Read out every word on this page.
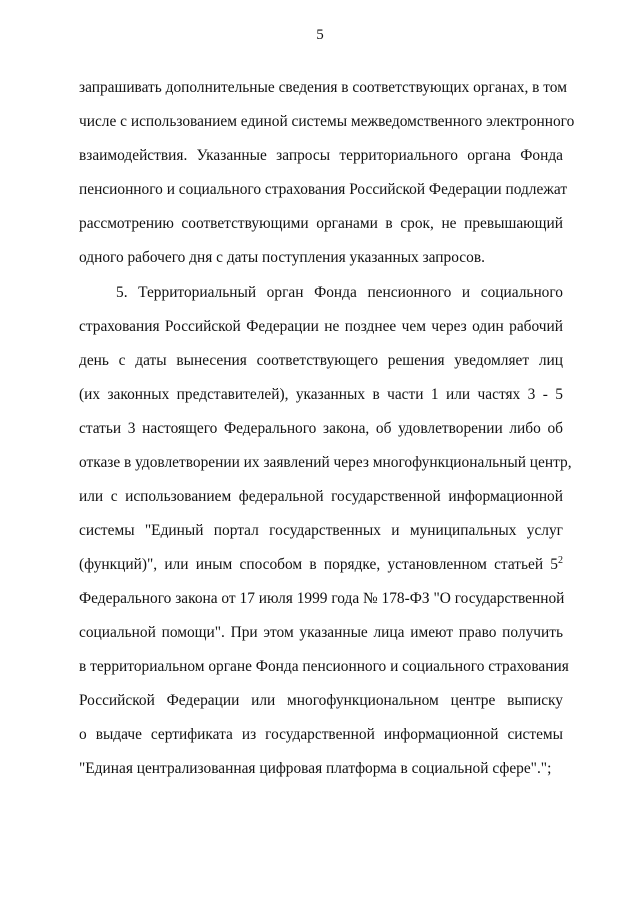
5
запрашивать дополнительные сведения в соответствующих органах, в том
числе с использованием единой системы межведомственного электронного
взаимодействия. Указанные запросы территориального органа Фонда
пенсионного и социального страхования Российской Федерации подлежат
рассмотрению соответствующими органами в срок, не превышающий
одного рабочего дня с даты поступления указанных запросов.
5. Территориальный орган Фонда пенсионного и социального
страхования Российской Федерации не позднее чем через один рабочий
день с даты вынесения соответствующего решения уведомляет лиц
(их законных представителей), указанных в части 1 или частях 3 - 5
статьи 3 настоящего Федерального закона, об удовлетворении либо об
отказе в удовлетворении их заявлений через многофункциональный центр,
или с использованием федеральной государственной информационной
системы "Единый портал государственных и муниципальных услуг
(функций)", или иным способом в порядке, установленном статьей $5^2$
Федерального закона от 17 июля 1999 года № 178-ФЗ "О государственной
социальной помощи". При этом указанные лица имеют право получить
в территориальном органе Фонда пенсионного и социального страхования
Российской Федерации или многофункциональном центре выписку
о выдаче сертификата из государственной информационной системы
"Единая централизованная цифровая платформа в социальной сфере".";
